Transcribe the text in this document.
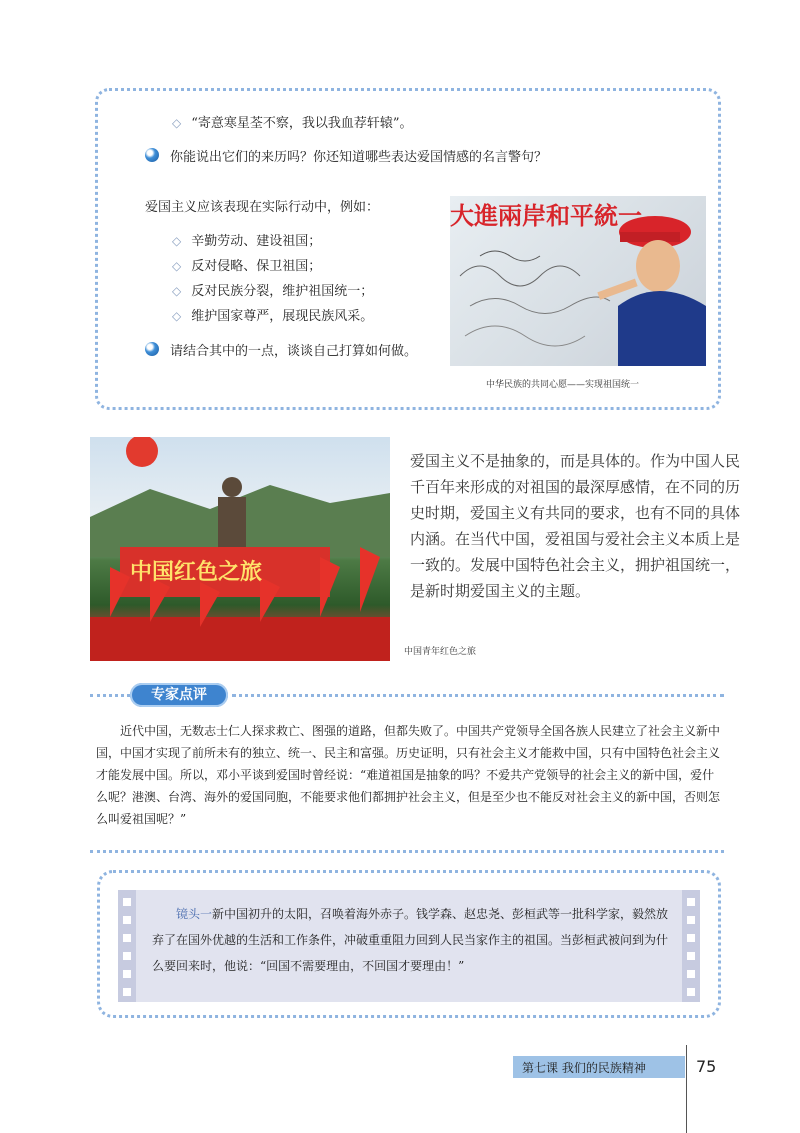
◇ “寄意寒星荃不察，我以我血荐轩辕”。
你能说出它们的来历吗？你还知道哪些表达爱国情感的名言警句？
爱国主义应该表现在实际行动中，例如：
◇ 辛勤劳动、建设祖国；
◇ 反对侵略、保卫祖国；
◇ 反对民族分裂，维护祖国统一；
◇ 维护国家尊严，展现民族风采。
请结合其中的一点，谈谈自己打算如何做。
大進兩岸和平統一
中华民族的共同心愿——实现祖国统一
中国红色之旅
中国青年红色之旅
爱国主义不是抽象的，而是具体的。作为中国人民千百年来形成的对祖国的最深厚感情，在不同的历史时期，爱国主义有共同的要求，也有不同的具体内涵。在当代中国，爱祖国与爱社会主义本质上是一致的。发展中国特色社会主义，拥护祖国统一，是新时期爱国主义的主题。
专家点评
近代中国，无数志士仁人探求救亡、图强的道路，但都失败了。中国共产党领导全国各族人民建立了社会主义新中国，中国才实现了前所未有的独立、统一、民主和富强。历史证明，只有社会主义才能救中国，只有中国特色社会主义才能发展中国。所以，邓小平谈到爱国时曾经说：“难道祖国是抽象的吗？不爱共产党领导的社会主义的新中国，爱什么呢？港澳、台湾、海外的爱国同胞，不能要求他们都拥护社会主义，但是至少也不能反对社会主义的新中国，否则怎么叫爱祖国呢？”
镜头一新中国初升的太阳，召唤着海外赤子。钱学森、赵忠尧、彭桓武等一批科学家，毅然放弃了在国外优越的生活和工作条件，冲破重重阻力回到人民当家作主的祖国。当彭桓武被问到为什么要回来时，他说：“回国不需要理由，不回国才要理由！”
第七课 我们的民族精神	75
